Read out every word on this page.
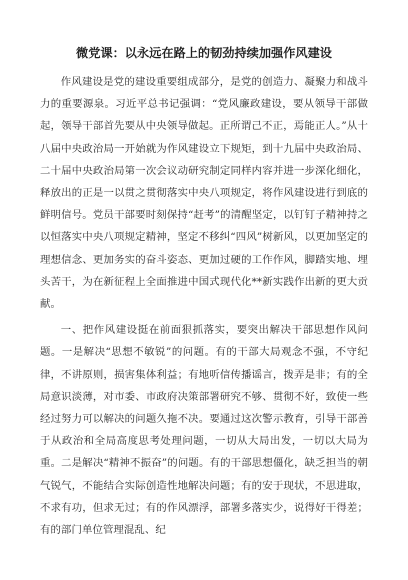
微党课：以永远在路上的韧劲持续加强作风建设

作风建设是党的建设重要组成部分，是党的创造力、凝聚力和战斗力的重要源泉。习近平总书记强调：“党风廉政建设，要从领导干部做起，领导干部首先要从中央领导做起。正所谓己不正，焉能正人。”从十八届中央政治局一开始就为作风建设立下规矩，到十九届中央政治局、二十届中央政治局第一次会议动研究制定同样内容并进一步深化细化，释放出的正是一以贯之贯彻落实中央八项规定，将作风建设进行到底的鲜明信号。党员干部要时刻保持“赶考”的清醒坚定，以钉钉子精神持之以恒落实中央八项规定精神，坚定不移纠“四风”树新风，以更加坚定的理想信念、更加务实的奋斗姿态、更加过硬的工作作风，脚踏实地、埋头苦干，为在新征程上全面推进中国式现代化**新实践作出新的更大贡献。

一、把作风建设挺在前面狠抓落实，要突出解决干部思想作风问题。一是解决“思想不敏锐”的问题。有的干部大局观念不强，不守纪律，不讲原则，损害集体利益；有地听信传播谣言，拨弄是非；有的全局意识淡薄，对市委、市政府决策部署研究不够、贯彻不好，致使一些经过努力可以解决的问题久拖不决。要通过这次警示教育，引导干部善于从政治和全局高度思考处理问题，一切从大局出发，一切以大局为重。二是解决“精神不振奋”的问题。有的干部思想僵化，缺乏担当的朝气锐气，不能结合实际创造性地解决问题；有的安于现状，不思进取，不求有功，但求无过；有的作风漂浮，部署多落实少，说得好干得差；有的部门单位管理混乱、纪
